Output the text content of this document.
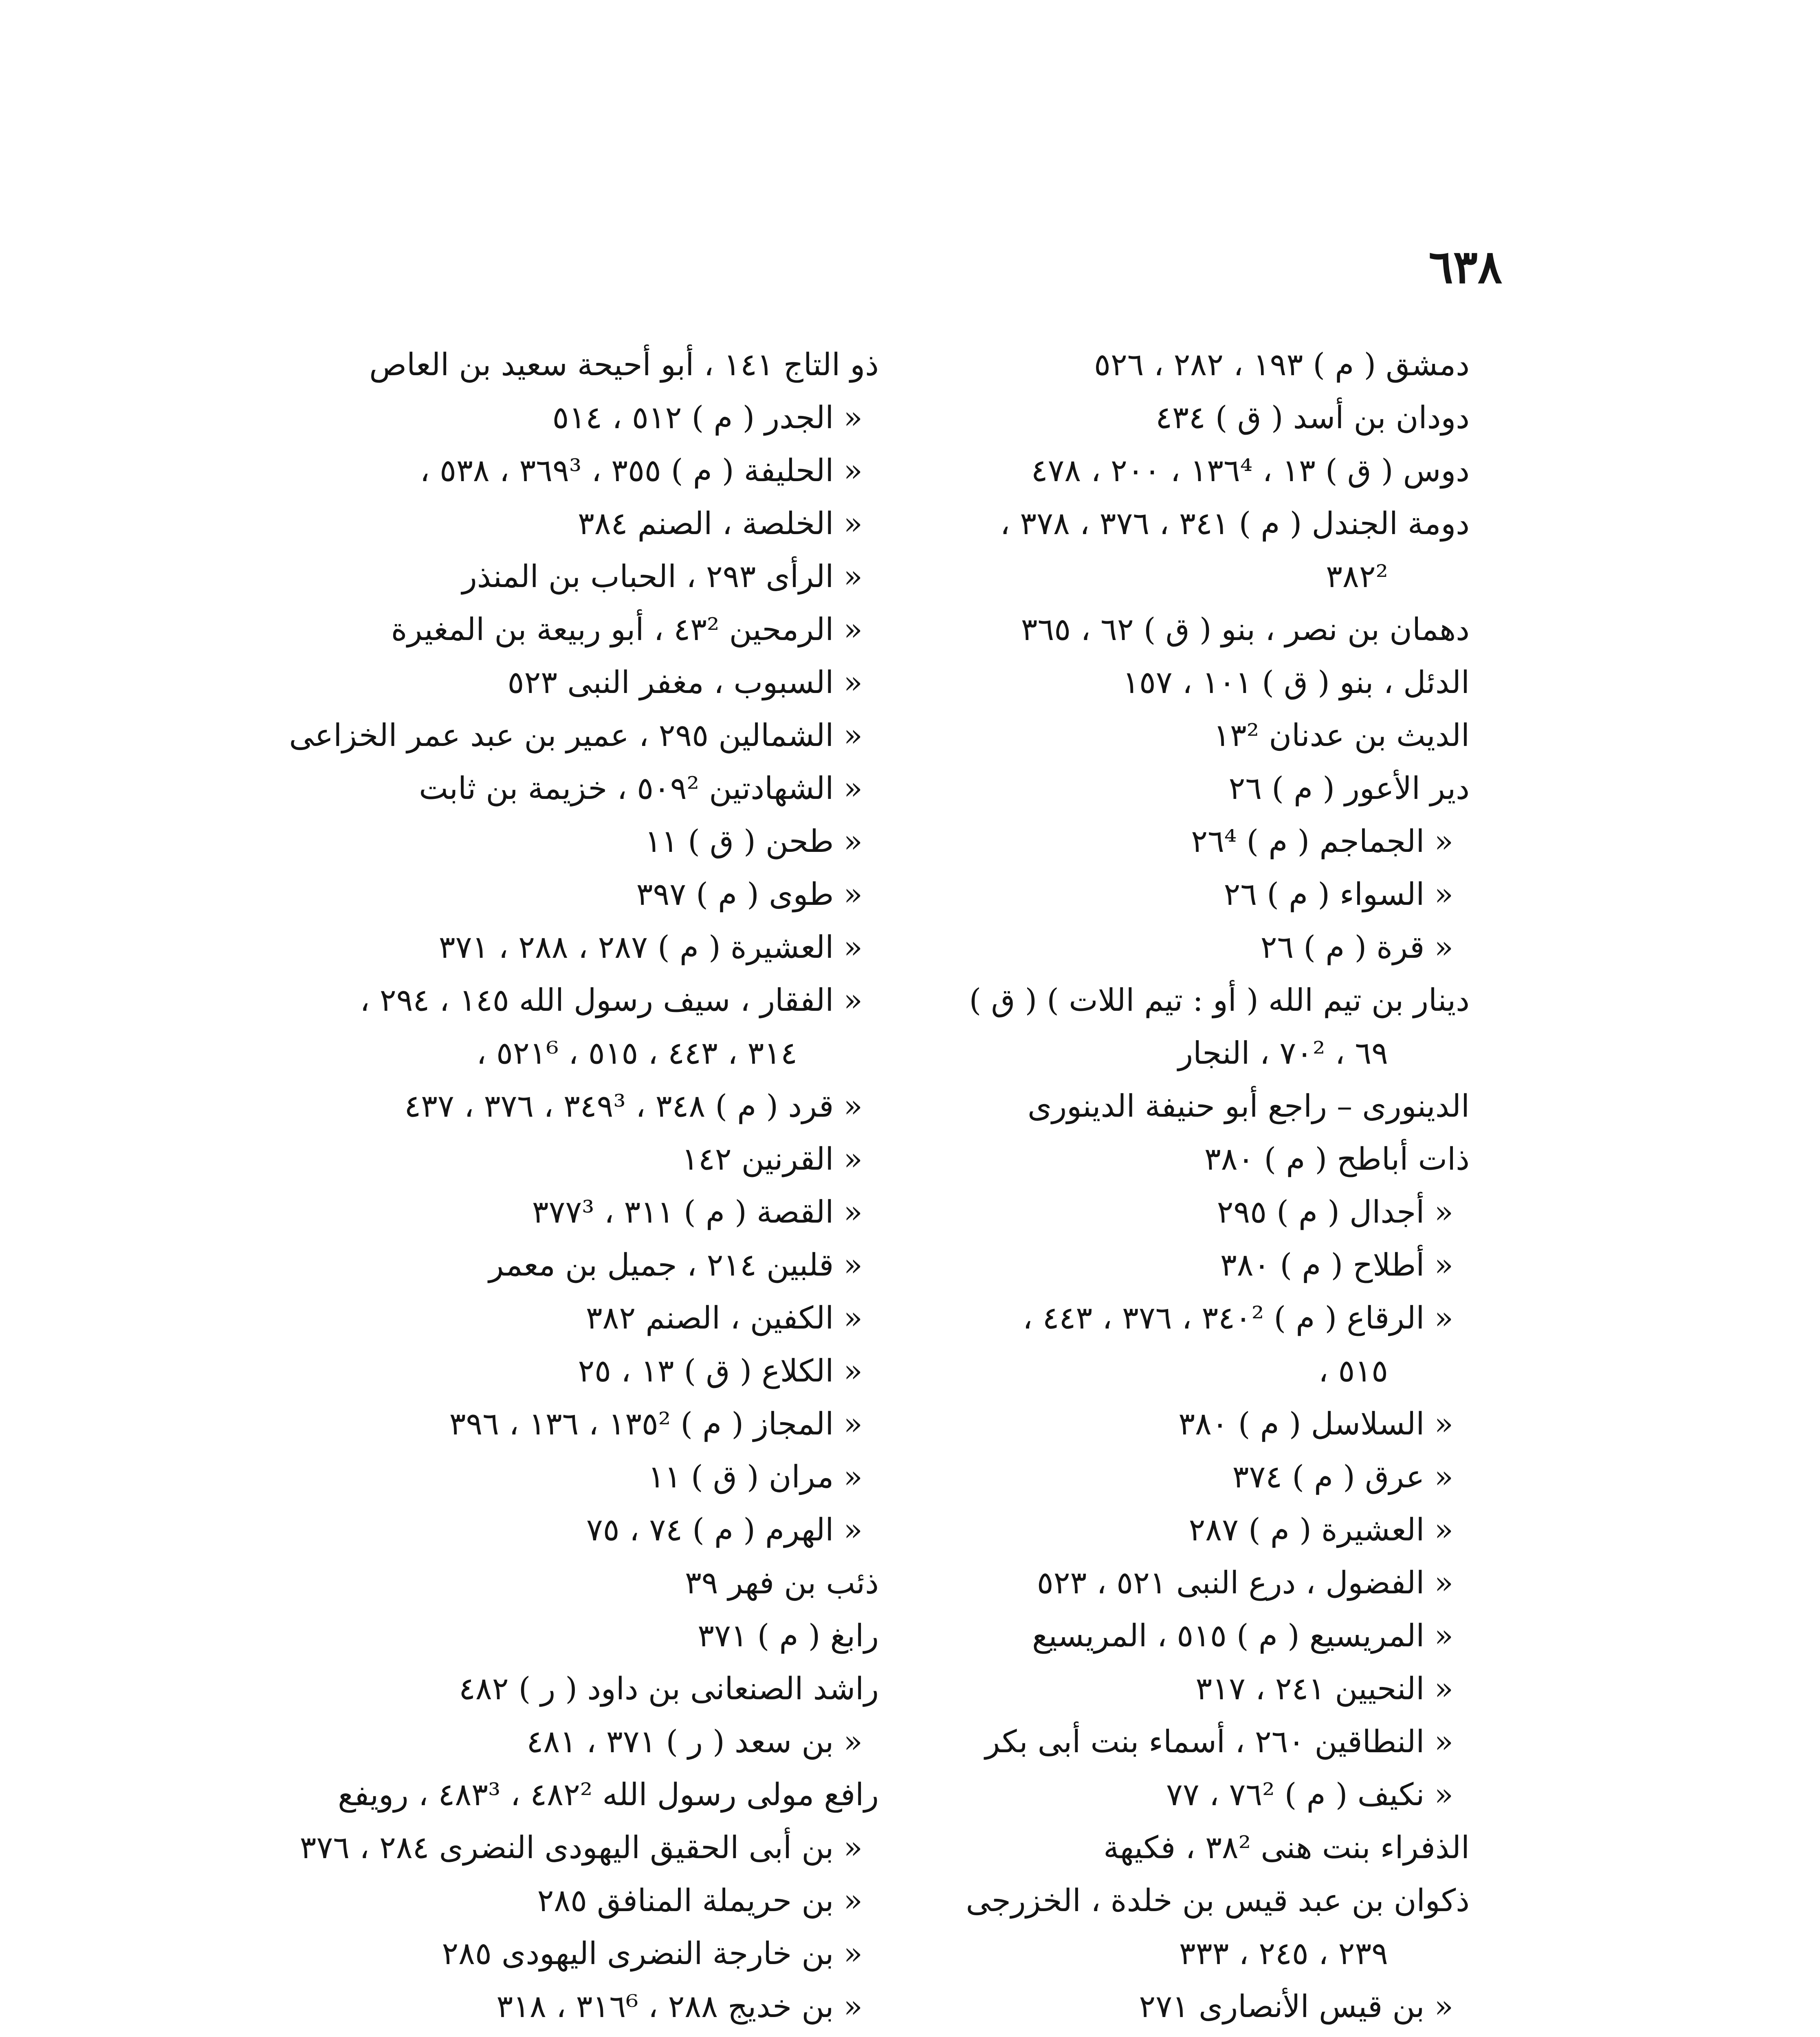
٦٣٨
دمشق ( م ) ١٩٣ ، ٢٨٢ ، ٥٢٦
دودان بن أسد ( ق ) ٤٣٤
دوس ( ق ) ١٣ ، ١٣٦⁴ ، ٢٠٠ ، ٤٧٨
دومة الجندل ( م ) ٣٤١ ، ٣٧٦ ، ٣٧٨ ،
٣٨٢²
دهمان بن نصر ، بنو ( ق ) ٦٢ ، ٣٦٥
الدئل ، بنو ( ق ) ١٠١ ، ١٥٧
الديث بن عدنان ١٣²
دير الأعور ( م ) ٢٦
« الجماجم ( م ) ٢٦⁴
« السواء ( م ) ٢٦
« قرة ( م ) ٢٦
دينار بن تيم الله ( أو : تيم اللات ) ( ق )
٦٩ ، ٧٠² ، النجار
الدينورى – راجع أبو حنيفة الدينورى
ذات أباطح ( م ) ٣٨٠
« أجدال ( م ) ٢٩٥
« أطلاح ( م ) ٣٨٠
« الرقاع ( م ) ٣٤٠² ، ٣٧٦ ، ٤٤٣ ،
٥١٥ ،
« السلاسل ( م ) ٣٨٠
« عرق ( م ) ٣٧٤
« العشيرة ( م ) ٢٨٧
« الفضول ، درع النبى ٥٢١ ، ٥٢٣
« المريسيع ( م ) ٥١٥ ، المريسيع
« النحيين ٢٤١ ، ٣١٧
« النطاقين ٢٦٠ ، أسماء بنت أبى بكر
« نكيف ( م ) ٧٦² ، ٧٧
الذفراء بنت هنى ٣٨² ، فكيهة
ذكوان بن عبد قيس بن خلدة ، الخزرجى
٢٣٩ ، ٢٤٥ ، ٣٣٣
« بن قيس الأنصارى ٢٧١
ذو التاج ١٤١ ، أبو أحيحة سعيد بن العاص
« الجدر ( م ) ٥١٢ ، ٥١٤
« الحليفة ( م ) ٣٥٥ ، ٣٦٩³ ، ٥٣٨ ،
« الخلصة ، الصنم ٣٨٤
« الرأى ٢٩٣ ، الحباب بن المنذر
« الرمحين ٤٣² ، أبو ربيعة بن المغيرة
« السبوب ، مغفر النبى ٥٢٣
« الشمالين ٢٩٥ ، عمير بن عبد عمر الخزاعى
« الشهادتين ٥٠٩² ، خزيمة بن ثابت
« طحن ( ق ) ١١
« طوى ( م ) ٣٩٧
« العشيرة ( م ) ٢٨٧ ، ٢٨٨ ، ٣٧١
« الفقار ، سيف رسول الله ١٤٥ ، ٢٩٤ ،
٣١٤ ، ٤٤٣ ، ٥١٥ ، ٥٢١⁶ ،
« قرد ( م ) ٣٤٨ ، ٣٤٩³ ، ٣٧٦ ، ٤٣٧
« القرنين ١٤٢
« القصة ( م ) ٣١١ ، ٣٧٧³
« قلبين ٢١٤ ، جميل بن معمر
« الكفين ، الصنم ٣٨٢
« الكلاع ( ق ) ١٣ ، ٢٥
« المجاز ( م ) ١٣٥² ، ١٣٦ ، ٣٩٦
« مران ( ق ) ١١
« الهرم ( م ) ٧٤ ، ٧٥
ذئب بن فهر ٣٩
رابغ ( م ) ٣٧١
راشد الصنعانى بن داود ( ر ) ٤٨٢
« بن سعد ( ر ) ٣٧١ ، ٤٨١
رافع مولى رسول الله ٤٨٢² ، ٤٨٣³ ، رويفع
« بن أبى الحقيق اليهودى النضرى ٢٨٤ ، ٣٧٦
« بن حريملة المنافق ٢٨٥
« بن خارجة النضرى اليهودى ٢٨٥
« بن خديج ٢٨٨ ، ٣١٦⁶ ، ٣١٨
